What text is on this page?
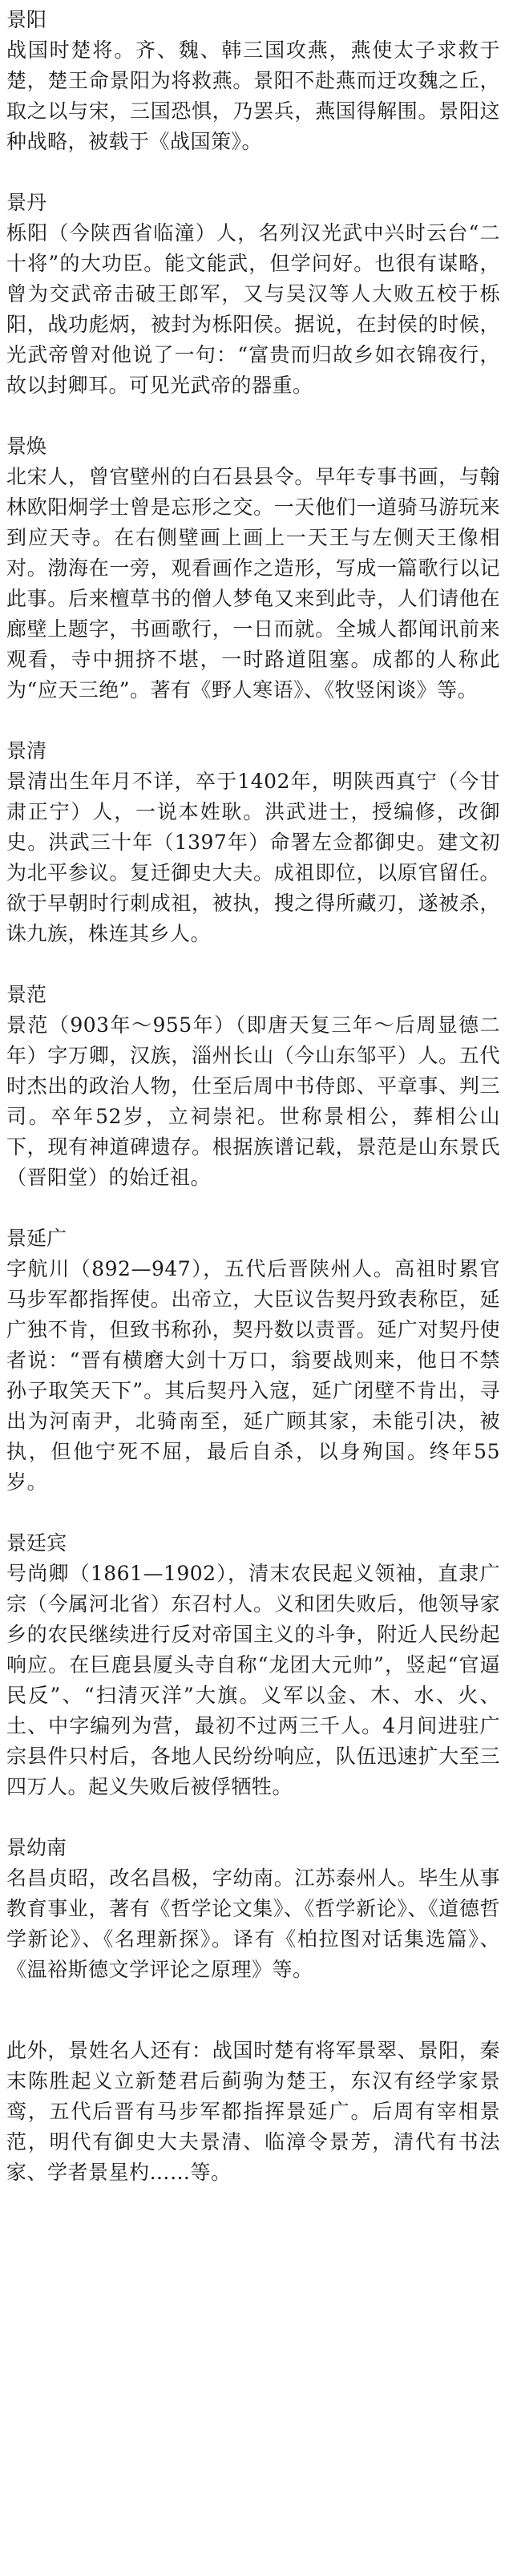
景阳

战国时楚将。齐、魏、韩三国攻燕，燕使太子求救于楚，楚王命景阳为将救燕。景阳不赴燕而迂攻魏之丘，取之以与宋，三国恐惧，乃罢兵，燕国得解围。景阳这种战略，被载于《战国策》。

景丹

栎阳（今陕西省临潼）人，名列汉光武中兴时云台“二十将”的大功臣。能文能武，但学问好。也很有谋略，曾为交武帝击破王郎军，又与吴汉等人大败五校于栎阳，战功彪炳，被封为栎阳侯。据说，在封侯的时候，光武帝曾对他说了一句：“富贵而归故乡如衣锦夜行，故以封卿耳。可见光武帝的器重。

景焕

北宋人，曾官壁州的白石县县令。早年专事书画，与翰林欧阳炯学士曾是忘形之交。一天他们一道骑马游玩来到应天寺。在右侧壁画上画上一天王与左侧天王像相对。渤海在一旁，观看画作之造形，写成一篇歌行以记此事。后来檀草书的僧人梦龟又来到此寺，人们请他在廊壁上题字，书画歌行，一日而就。全城人都闻讯前来观看，寺中拥挤不堪，一时路道阻塞。成都的人称此为“应天三绝”。著有《野人寒语》、《牧竖闲谈》等。

景清

景清出生年月不详，卒于1402年，明陕西真宁（今甘肃正宁）人，一说本姓耿。洪武进士，授编修，改御史。洪武三十年（1397年）命署左佥都御史。建文初为北平参议。复迁御史大夫。成祖即位，以原官留任。欲于早朝时行刺成祖，被执，搜之得所藏刃，遂被杀，诛九族，株连其乡人。

景范

景范（903年～955年）（即唐天复三年～后周显德二年）字万卿，汉族，淄州长山（今山东邹平）人。五代时杰出的政治人物，仕至后周中书侍郎、平章事、判三司。卒年52岁，立祠崇祀。世称景相公，葬相公山下，现有神道碑遗存。根据族谱记载，景范是山东景氏（晋阳堂）的始迁祖。

景延广

字航川（892—947），五代后晋陕州人。高祖时累官马步军都指挥使。出帝立，大臣议告契丹致表称臣，延广独不肯，但致书称孙，契丹数以责晋。延广对契丹使者说：“晋有横磨大剑十万口，翁要战则来，他日不禁孙子取笑天下”。其后契丹入寇，延广闭壁不肯出，寻出为河南尹，北骑南至，延广顾其家，未能引决，被执，但他宁死不屈，最后自杀，以身殉国。终年55岁。

景廷宾

号尚卿（1861—1902），清末农民起义领袖，直隶广宗（今属河北省）东召村人。义和团失败后，他领导家乡的农民继续进行反对帝国主义的斗争，附近人民纷起响应。在巨鹿县厦头寺自称“龙团大元帅”，竖起“官逼民反”、“扫清灭洋”大旗。义军以金、木、水、火、土、中字编列为营，最初不过两三千人。4月间进驻广宗县件只村后，各地人民纷纷响应，队伍迅速扩大至三四万人。起义失败后被俘牺牲。

景幼南

名昌贞昭，改名昌极，字幼南。江苏泰州人。毕生从事教育事业，著有《哲学论文集》、《哲学新论》、《道德哲学新论》、《名理新探》。译有《柏拉图对话集选篇》、《温裕斯德文学评论之原理》等。

此外，景姓名人还有：战国时楚有将军景翠、景阳，秦末陈胜起义立新楚君后蓟驹为楚王，东汉有经学家景鸾，五代后晋有马步军都指挥景延广。后周有宰相景范，明代有御史大夫景清、临漳令景芳，清代有书法家、学者景星杓……等。
